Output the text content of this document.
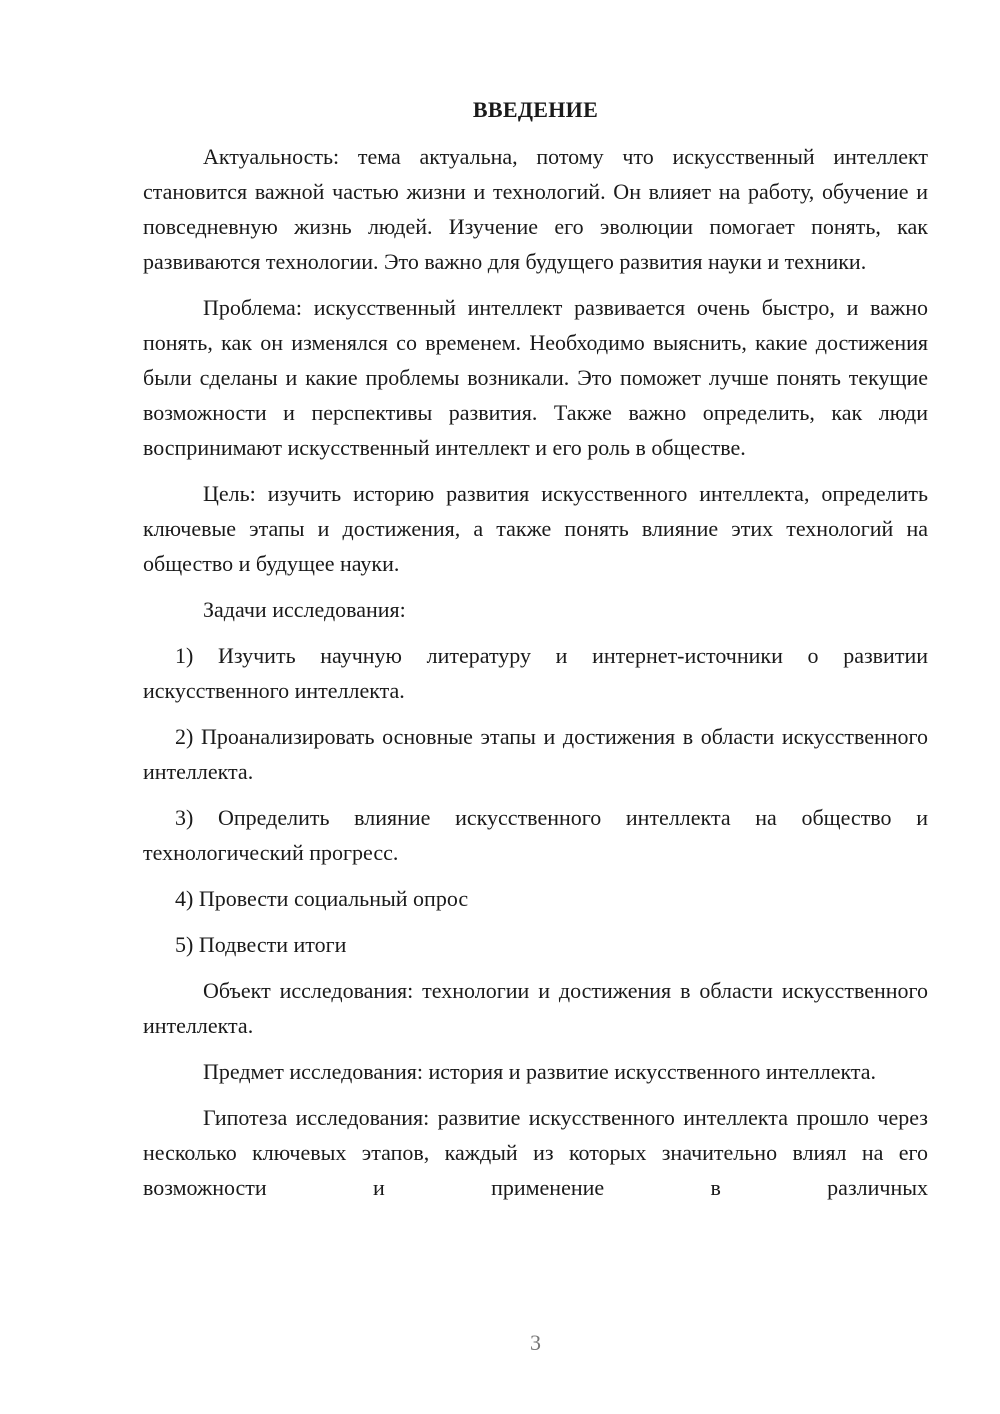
ВВЕДЕНИЕ

Актуальность: тема актуальна, потому что искусственный интеллект становится важной частью жизни и технологий. Он влияет на работу, обучение и повседневную жизнь людей. Изучение его эволюции помогает понять, как развиваются технологии. Это важно для будущего развития науки и техники.

Проблема: искусственный интеллект развивается очень быстро, и важно понять, как он изменялся со временем. Необходимо выяснить, какие достижения были сделаны и какие проблемы возникали. Это поможет лучше понять текущие возможности и перспективы развития. Также важно определить, как люди воспринимают искусственный интеллект и его роль в обществе.

Цель: изучить историю развития искусственного интеллекта, определить ключевые этапы и достижения, а также понять влияние этих технологий на общество и будущее науки.

Задачи исследования:

1) Изучить научную литературу и интернет-источники о развитии искусственного интеллекта.

2) Проанализировать основные этапы и достижения в области искусственного интеллекта.

3) Определить влияние искусственного интеллекта на общество и технологический прогресс.

4) Провести социальный опрос

5) Подвести итоги

Объект исследования: технологии и достижения в области искусственного интеллекта.

Предмет исследования: история и развитие искусственного интеллекта.

Гипотеза исследования: развитие искусственного интеллекта прошло через несколько ключевых этапов, каждый из которых значительно влиял на его возможности и применение в различных

3
